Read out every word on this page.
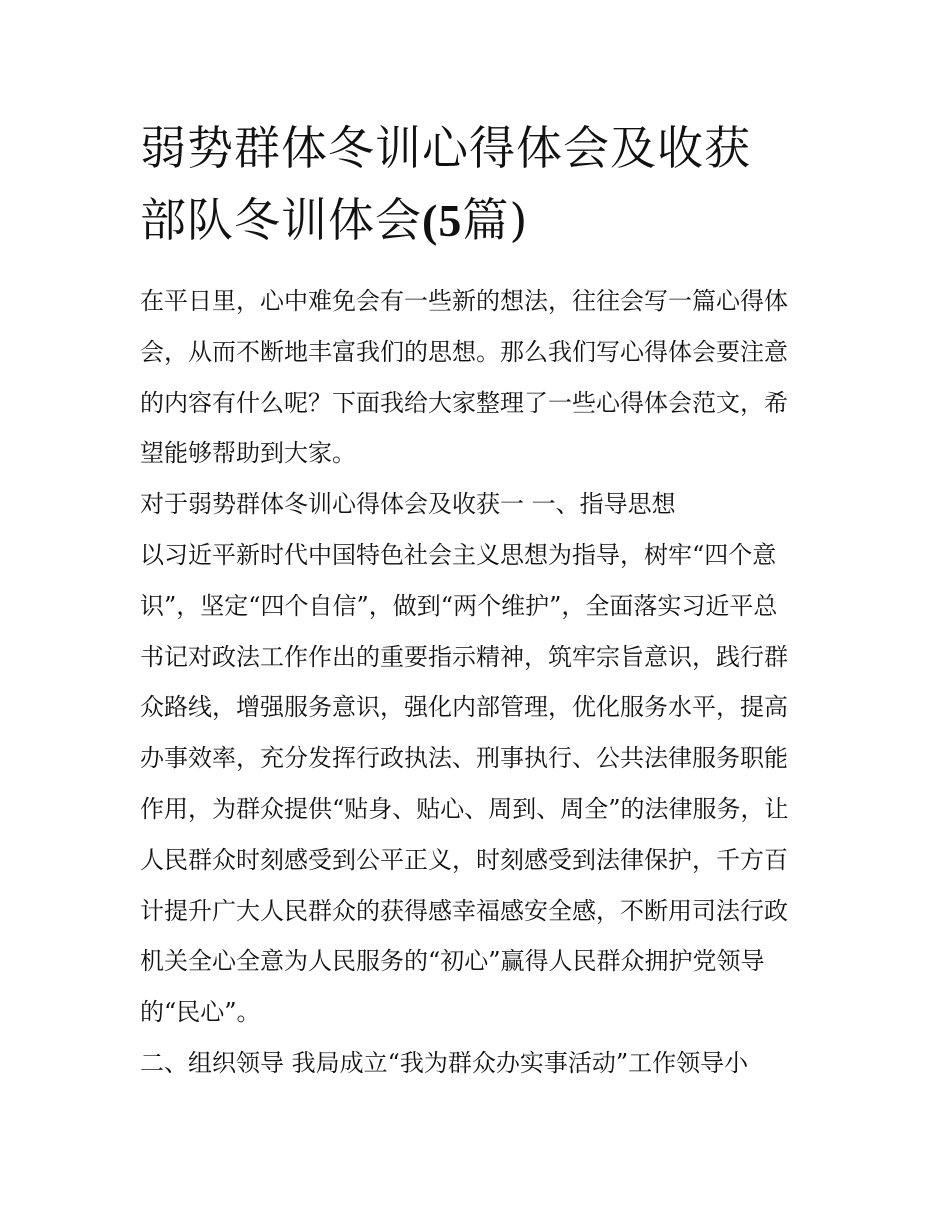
弱势群体冬训心得体会及收获
部队冬训体会(5篇)

在平日里，心中难免会有一些新的想法，往往会写一篇心得体

会，从而不断地丰富我们的思想。那么我们写心得体会要注意

的内容有什么呢？下面我给大家整理了一些心得体会范文，希

望能够帮助到大家。

对于弱势群体冬训心得体会及收获一 一、指导思想

以习近平新时代中国特色社会主义思想为指导，树牢“四个意

识”，坚定“四个自信”，做到“两个维护”，全面落实习近平总

书记对政法工作作出的重要指示精神，筑牢宗旨意识，践行群

众路线，增强服务意识，强化内部管理，优化服务水平，提高

办事效率，充分发挥行政执法、刑事执行、公共法律服务职能

作用，为群众提供“贴身、贴心、周到、周全”的法律服务，让

人民群众时刻感受到公平正义，时刻感受到法律保护，千方百

计提升广大人民群众的获得感幸福感安全感，不断用司法行政

机关全心全意为人民服务的“初心”赢得人民群众拥护党领导

的“民心”。

二、组织领导 我局成立“我为群众办实事活动”工作领导小
